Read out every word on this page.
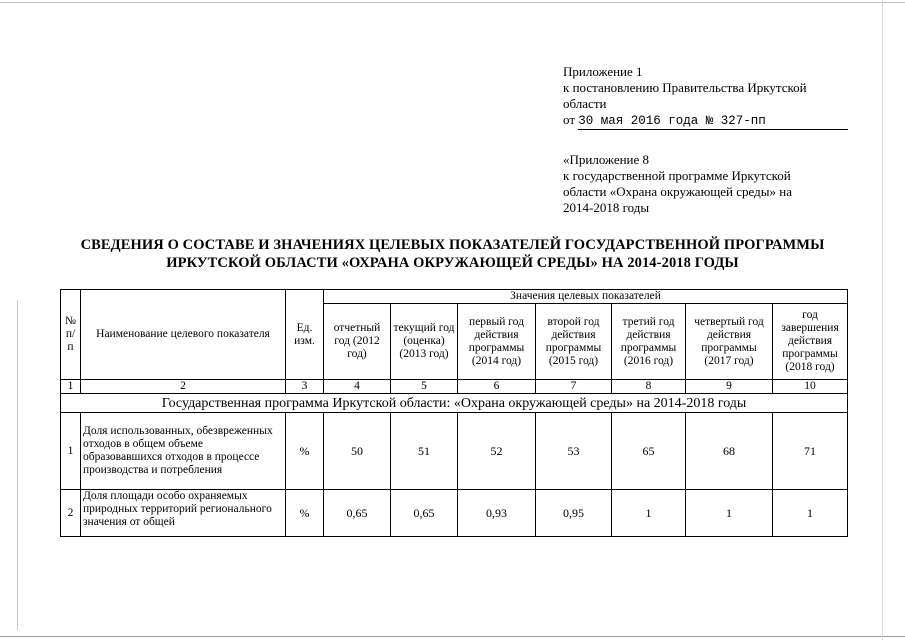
Приложение 1
к постановлению Правительства Иркутской
области
от 30 мая 2016 года № 327-пп
«Приложение 8
к государственной программе Иркутской
области «Охрана окружающей среды» на
2014-2018 годы
СВЕДЕНИЯ О СОСТАВЕ И ЗНАЧЕНИЯХ ЦЕЛЕВЫХ ПОКАЗАТЕЛЕЙ ГОСУДАРСТВЕННОЙ ПРОГРАММЫ
ИРКУТСКОЙ ОБЛАСТИ «ОХРАНА ОКРУЖАЮЩЕЙ СРЕДЫ» НА 2014-2018 ГОДЫ
№ п/п	Наименование целевого показателя	Ед. изм.	Значения целевых показателей						
			отчетный год (2012 год)	текущий год (оценка) (2013 год)	первый год действия программы (2014 год)	второй год действия программы (2015 год)	третий год действия программы (2016 год)	четвертый год действия программы (2017 год)	год завершения действия программы (2018 год)
1	2	3	4	5	6	7	8	9	10
Государственная программа Иркутской области: «Охрана окружающей среды» на 2014-2018 годы									
1	Доля использованных, обезвреженных отходов в общем объеме образовавшихся отходов в процессе производства и потребления	%	50	51	52	53	65	68	71
2	Доля площади особо охраняемых природных территорий регионального значения от общей	%	0,65	0,65	0,93	0,95	1	1	1
